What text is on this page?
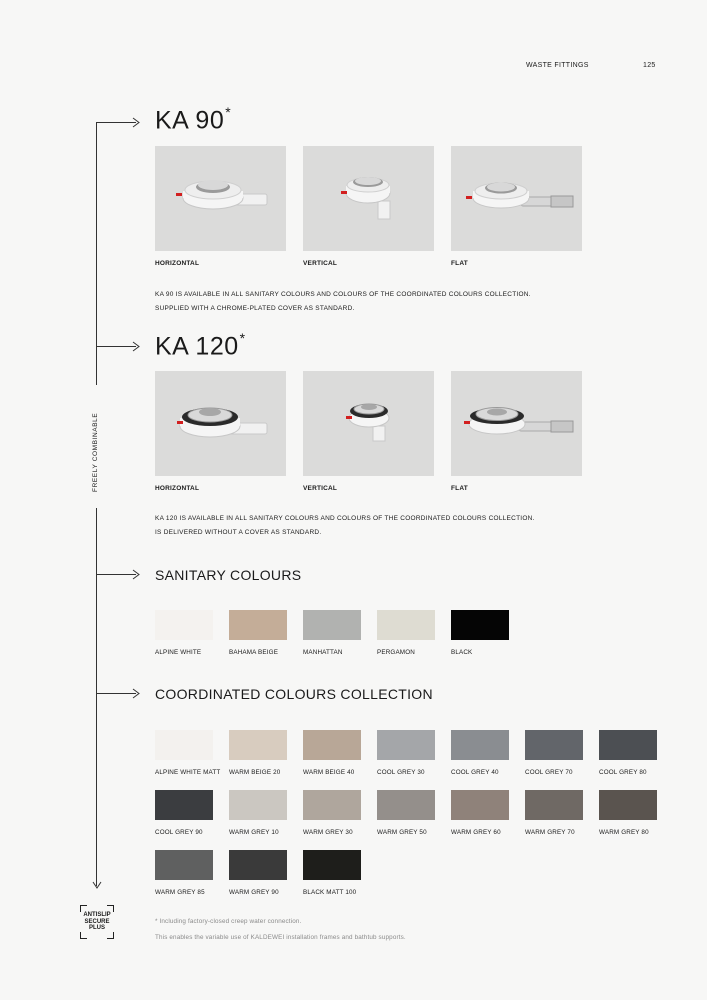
WASTE FITTINGS	125
FREELY COMBINABLE
KA 90*
HORIZONTAL	VERTICAL	FLAT
KA 90 IS AVAILABLE IN ALL SANITARY COLOURS AND COLOURS OF THE COORDINATED COLOURS COLLECTION.
SUPPLIED WITH A CHROME-PLATED COVER AS STANDARD.
KA 120*
HORIZONTAL	VERTICAL	FLAT
KA 120 IS AVAILABLE IN ALL SANITARY COLOURS AND COLOURS OF THE COORDINATED COLOURS COLLECTION.
IS DELIVERED WITHOUT A COVER AS STANDARD.
SANITARY COLOURS
ALPINE WHITE	BAHAMA BEIGE	MANHATTAN	PERGAMON	BLACK
COORDINATED COLOURS COLLECTION
ALPINE WHITE MATT WARM BEIGE 20	WARM BEIGE 40	COOL GREY 30	COOL GREY 40	COOL GREY 70	COOL GREY 80
COOL GREY 90	WARM GREY 10	WARM GREY 30	WARM GREY 50	WARM GREY 60	WARM GREY 70	WARM GREY 80
WARM GREY 85	WARM GREY 90	BLACK MATT 100
* Including factory-closed creep water connection.
This enables the variable use of KALDEWEI installation frames and bathtub supports.
ANTISLIP
SECURE
PLUS
